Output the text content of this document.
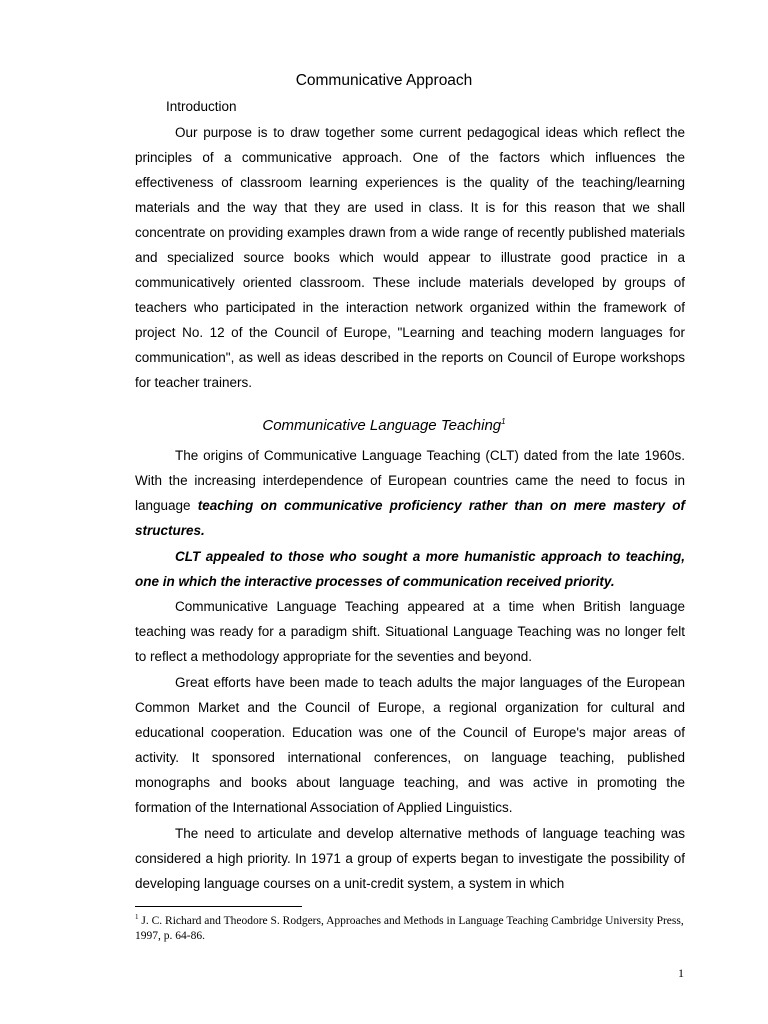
Communicative Approach
Introduction

Our purpose is to draw together some current pedagogical ideas which reflect the principles of a communicative approach. One of the factors which influences the effectiveness of classroom learning experiences is the quality of the teaching/learning materials and the way that they are used in class. It is for this reason that we shall concentrate on providing examples drawn from a wide range of recently published materials and specialized source books which would appear to illustrate good practice in a communicatively oriented classroom. These include materials developed by groups of teachers who participated in the interaction network organized within the framework of project No. 12 of the Council of Europe, "Learning and teaching modern languages for communication", as well as ideas described in the reports on Council of Europe workshops for teacher trainers.

Communicative Language Teaching$^1$

The origins of Communicative Language Teaching (CLT) dated from the late 1960s. With the increasing interdependence of European countries came the need to focus in language teaching on communicative proficiency rather than on mere mastery of structures.

CLT appealed to those who sought a more humanistic approach to teaching, one in which the interactive processes of communication received priority.

Communicative Language Teaching appeared at a time when British language teaching was ready for a paradigm shift. Situational Language Teaching was no longer felt to reflect a methodology appropriate for the seventies and beyond.

Great efforts have been made to teach adults the major languages of the European Common Market and the Council of Europe, a regional organization for cultural and educational cooperation. Education was one of the Council of Europe's major areas of activity. It sponsored international conferences, on language teaching, published monographs and books about language teaching, and was active in promoting the formation of the International Association of Applied Linguistics.

The need to articulate and develop alternative methods of language teaching was considered a high priority. In 1971 a group of experts began to investigate the possibility of developing language courses on a unit-credit system, a system in which

$^1$ J. C. Richard and Theodore S. Rodgers, Approaches and Methods in Language Teaching Cambridge University Press, 1997, p. 64-86.

1
